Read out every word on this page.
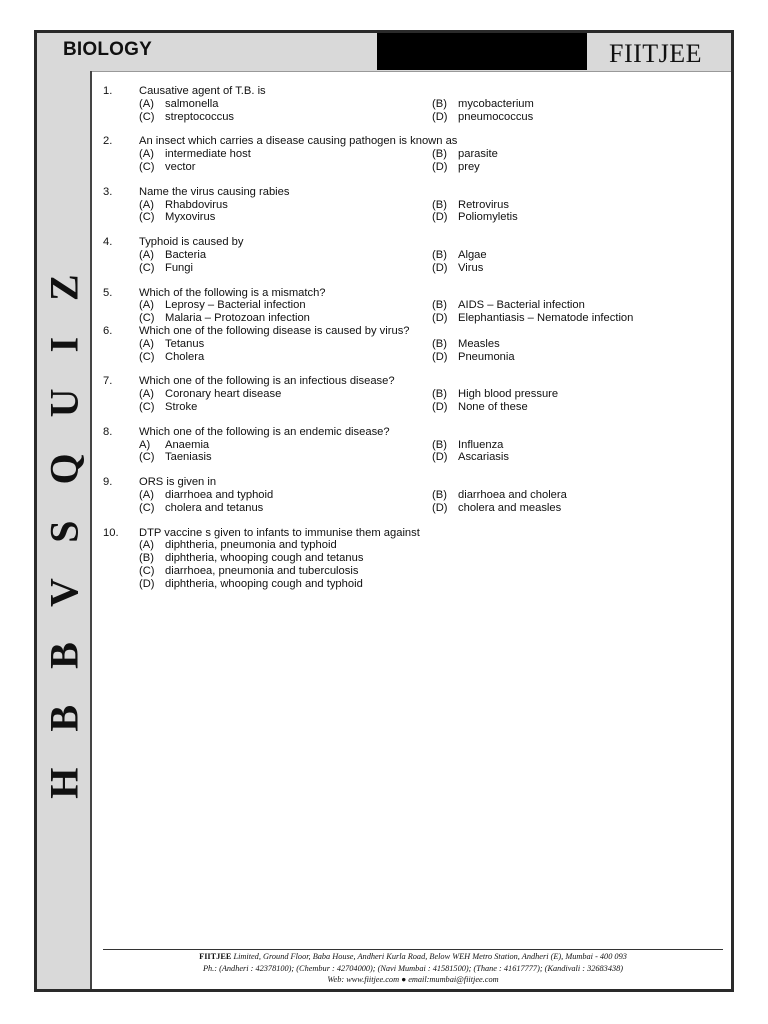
BIOLOGY	FIITJEE
H B B V S Q U I Z
1.	Causative agent of T.B. is
(A) salmonella	(B) mycobacterium
(C) streptococcus	(D) pneumococcus
2.	An insect which carries a disease causing pathogen is known as
(A) intermediate host	(B) parasite
(C) vector	(D) prey
3.	Name the virus causing rabies
(A) Rhabdovirus	(B) Retrovirus
(C) Myxovirus	(D) Poliomyletis
4.	Typhoid is caused by
(A) Bacteria	(B) Algae
(C) Fungi	(D) Virus
5.	Which of the following is a mismatch?
(A) Leprosy – Bacterial infection	(B) AIDS – Bacterial infection
(C) Malaria – Protozoan infection	(D) Elephantiasis – Nematode infection
6.	Which one of the following disease is caused by virus?
(A) Tetanus	(B) Measles
(C) Cholera	(D) Pneumonia
7.	Which one of the following is an infectious disease?
(A) Coronary heart disease	(B) High blood pressure
(C) Stroke	(D) None of these
8.	Which one of the following is an endemic disease?
A)	Anaemia	(B) Influenza
(C) Taeniasis	(D) Ascariasis
9.	ORS is given in
(A) diarrhoea and typhoid	(B) diarrhoea and cholera
(C) cholera and tetanus	(D) cholera and measles
10.	DTP vaccine s given to infants to immunise them against
(A) diphtheria, pneumonia and typhoid
(B) diphtheria, whooping cough and tetanus
(C) diarrhoea, pneumonia and tuberculosis
(D) diphtheria, whooping cough and typhoid
FIITJEE Limited, Ground Floor, Baba House, Andheri Kurla Road, Below WEH Metro Station, Andheri (E), Mumbai - 400 093
Ph.: (Andheri : 42378100); (Chembur : 42704000); (Navi Mumbai : 41581500); (Thane : 41617777); (Kandivali : 32683438)
Web: www.fiitjee.com ● email:mumbai@fiitjee.com
